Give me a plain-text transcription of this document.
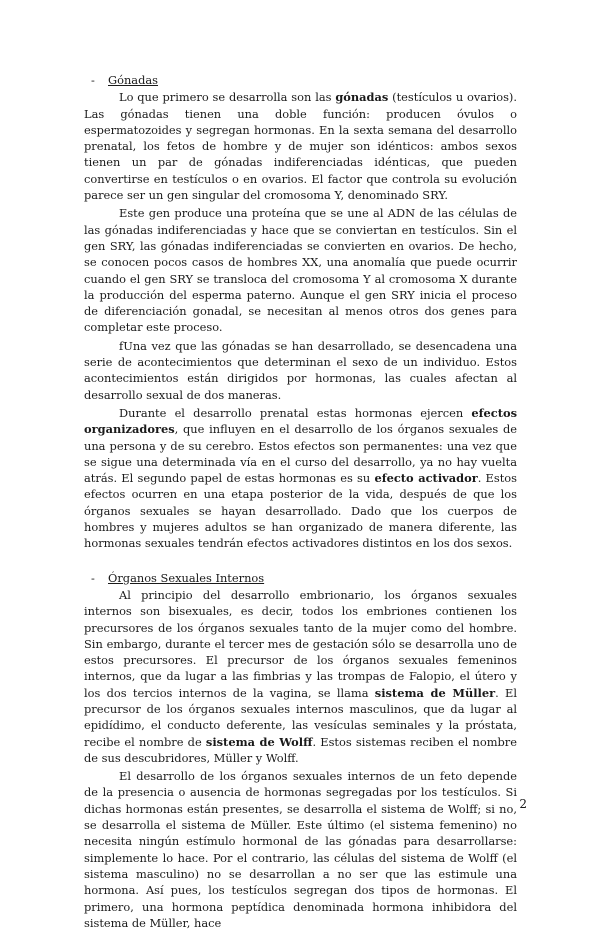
-	Gónadas

Lo que primero se desarrolla son las gónadas (testículos u ovarios). Las gónadas tienen una doble función: producen óvulos o espermatozoides y segregan hormonas. En la sexta semana del desarrollo prenatal, los fetos de hombre y de mujer son idénticos: ambos sexos tienen un par de gónadas indiferenciadas idénticas, que pueden convertirse en testículos o en ovarios. El factor que controla su evolución parece ser un gen singular del cromosoma Y, denominado SRY.

Este gen produce una proteína que se une al ADN de las células de las gónadas indiferenciadas y hace que se conviertan en testículos. Sin el gen SRY, las gónadas indiferenciadas se convierten en ovarios. De hecho, se conocen pocos casos de hombres XX, una anomalía que puede ocurrir cuando el gen SRY se transloca del cromosoma Y al cromosoma X durante la producción del esperma paterno. Aunque el gen SRY inicia el proceso de diferenciación gonadal, se necesitan al menos otros dos genes para completar este proceso.

fUna vez que las gónadas se han desarrollado, se desencadena una serie de acontecimientos que determinan el sexo de un individuo. Estos acontecimientos están dirigidos por hormonas, las cuales afectan al desarrollo sexual de dos maneras.

Durante el desarrollo prenatal estas hormonas ejercen efectos organizadores, que influyen en el desarrollo de los órganos sexuales de una persona y de su cerebro. Estos efectos son permanentes: una vez que se sigue una determinada vía en el curso del desarrollo, ya no hay vuelta atrás. El segundo papel de estas hormonas es su efecto activador. Estos efectos ocurren en una etapa posterior de la vida, después de que los órganos sexuales se hayan desarrollado. Dado que los cuerpos de hombres y mujeres adultos se han organizado de manera diferente, las hormonas sexuales tendrán efectos activadores distintos en los dos sexos.

-	Órganos Sexuales Internos

Al principio del desarrollo embrionario, los órganos sexuales internos son bisexuales, es decir, todos los embriones contienen los precursores de los órganos sexuales tanto de la mujer como del hombre. Sin embargo, durante el tercer mes de gestación sólo se desarrolla uno de estos precursores. El precursor de los órganos sexuales femeninos internos, que da lugar a las fimbrias y las trompas de Falopio, el útero y los dos tercios internos de la vagina, se llama sistema de Müller. El precursor de los órganos sexuales internos masculinos, que da lugar al epidídimo, el conducto deferente, las vesículas seminales y la próstata, recibe el nombre de sistema de Wolff. Estos sistemas reciben el nombre de sus descubridores, Müller y Wolff.

El desarrollo de los órganos sexuales internos de un feto depende de la presencia o ausencia de hormonas segregadas por los testículos. Si dichas hormonas están presentes, se desarrolla el sistema de Wolff; si no, se desarrolla el sistema de Müller. Este último (el sistema femenino) no necesita ningún estímulo hormonal de las gónadas para desarrollarse: simplemente lo hace. Por el contrario, las células del sistema de Wolff (el sistema masculino) no se desarrollan a no ser que las estimule una hormona. Así pues, los testículos segregan dos tipos de hormonas. El primero, una hormona peptídica denominada hormona inhibidora del sistema de Müller, hace

2
